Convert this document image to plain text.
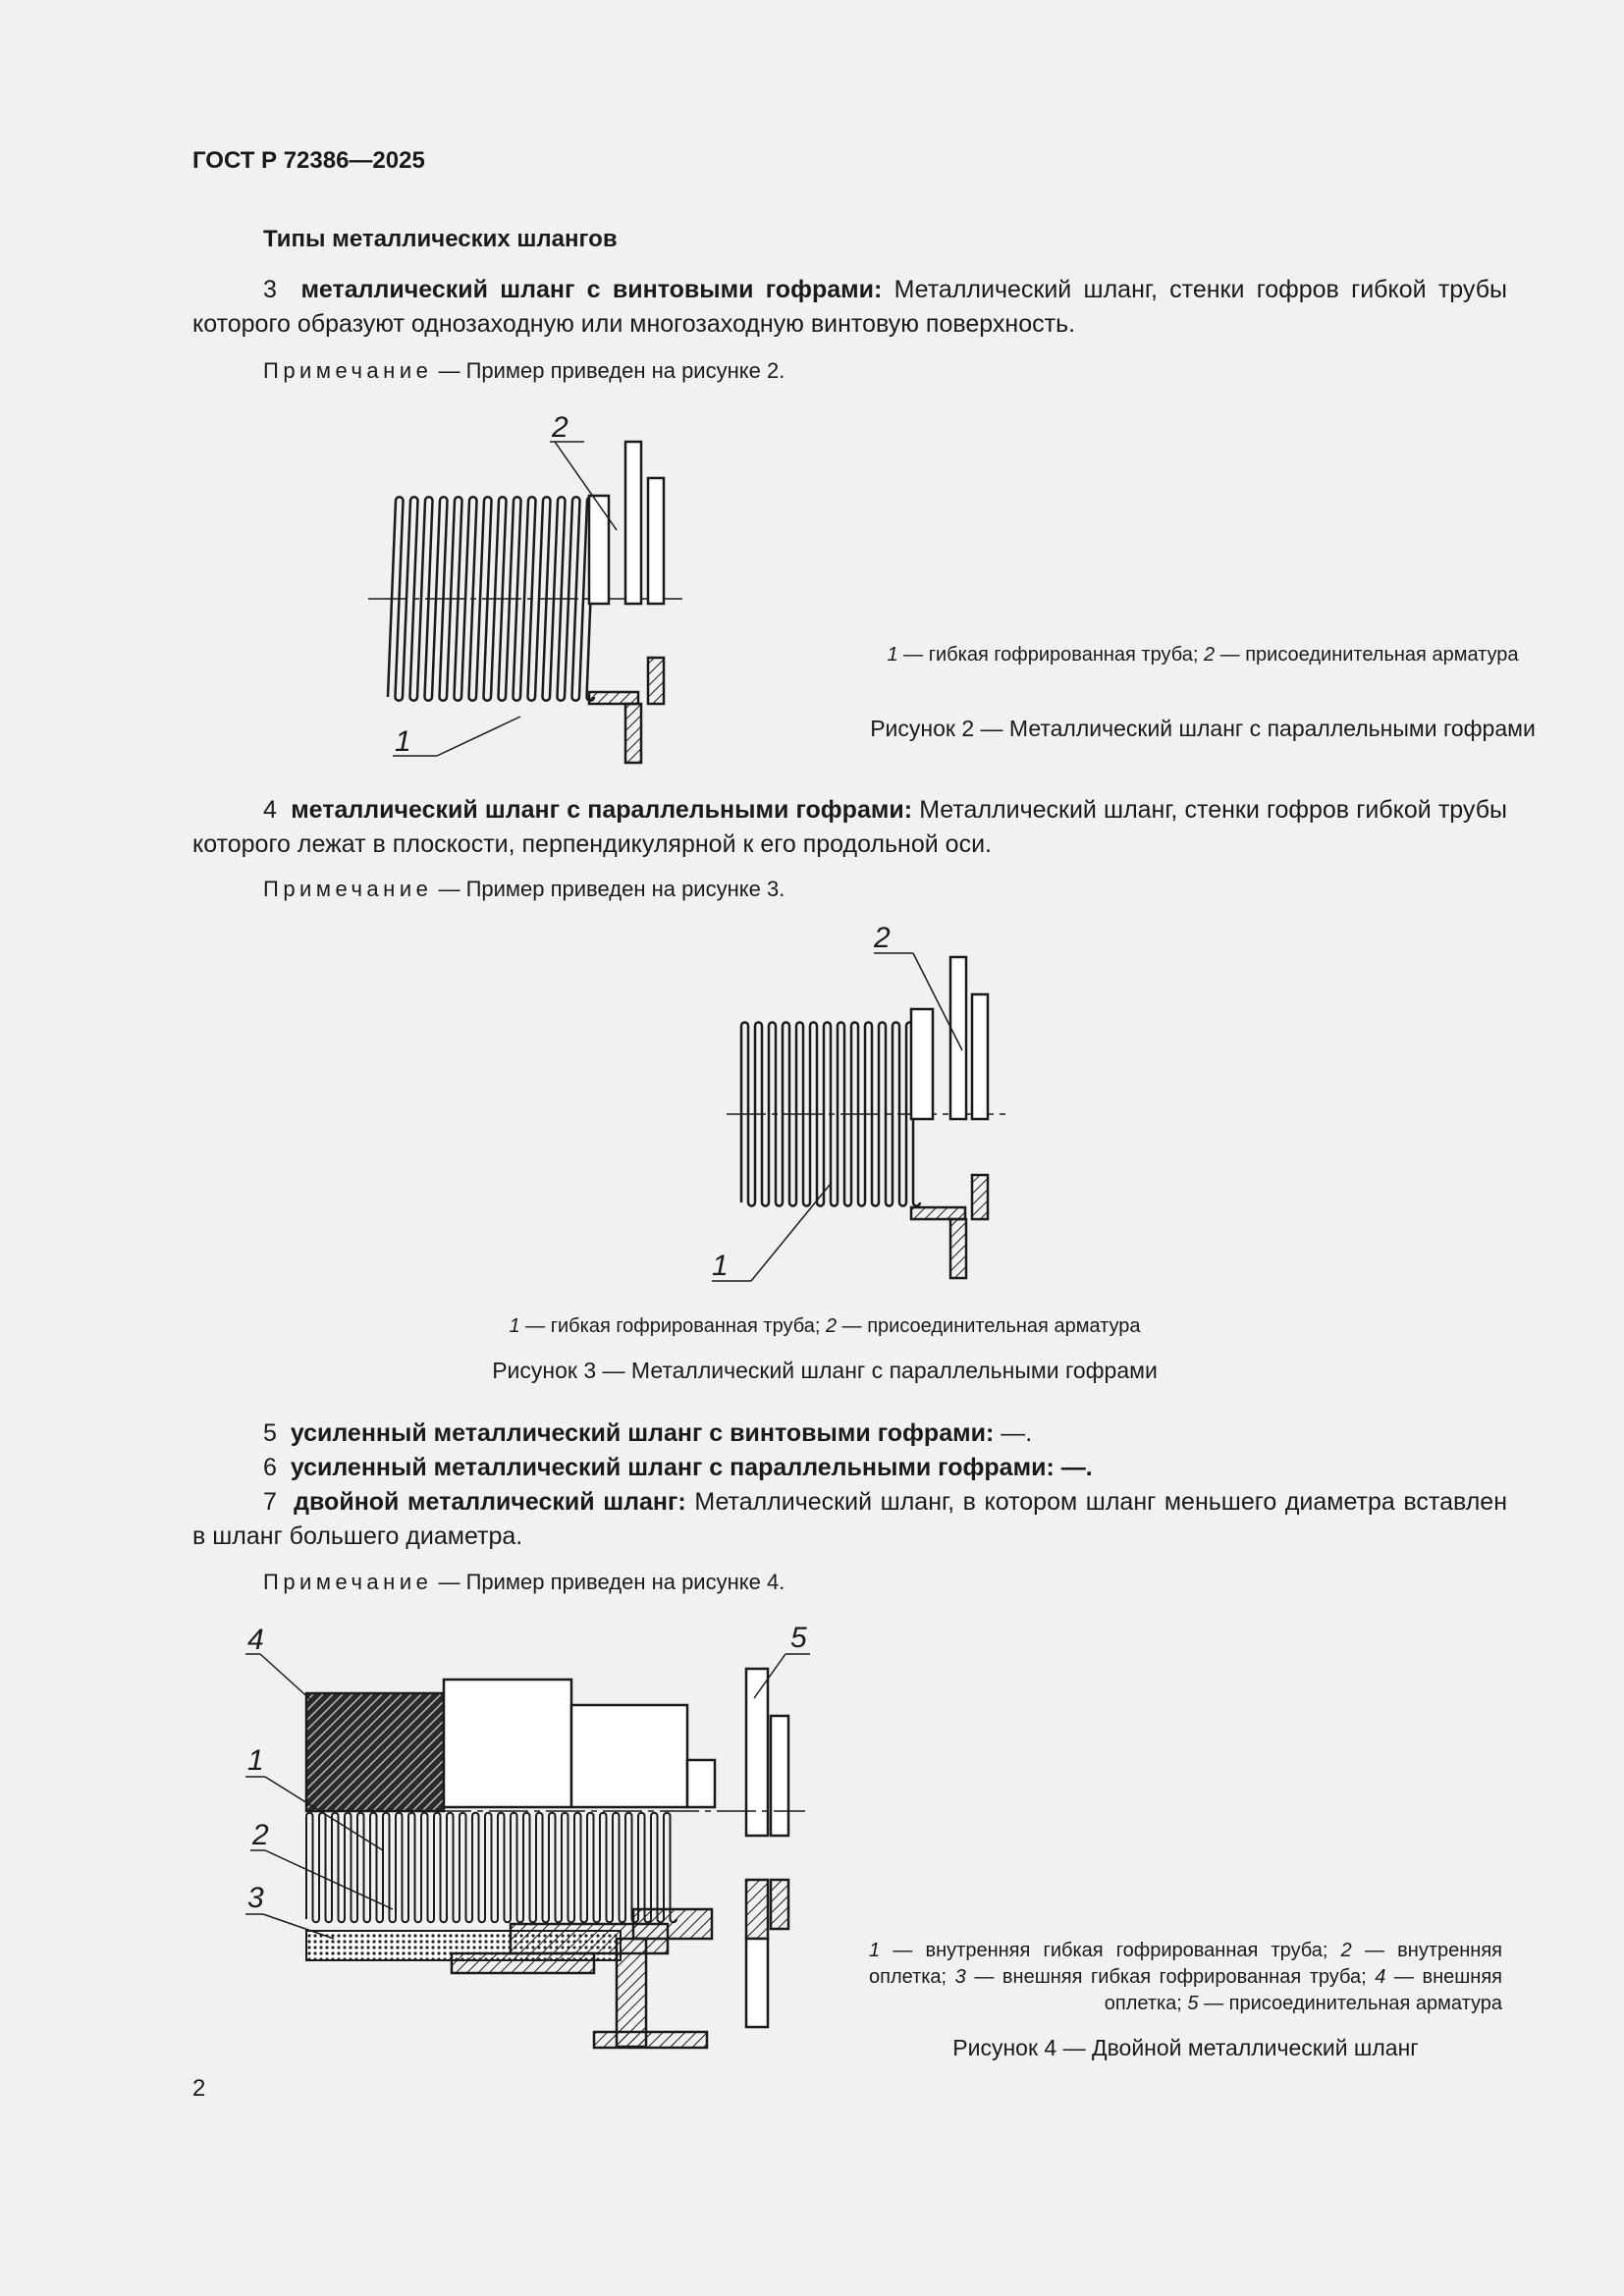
ГОСТ Р 72386—2025
Типы металлических шлангов
3 металлический шланг с винтовыми гофрами: Металлический шланг, стенки гофров гибкой трубы которого образуют однозаходную или многозаходную винтовую поверхность.
Примечание — Пример приведен на рисунке 2.
1
2
1 — гибкая гофрированная труба; 2 — присоединительная арматура
Рисунок 2 — Металлический шланг с параллельными гофрами
4 металлический шланг с параллельными гофрами: Металлический шланг, стенки гофров гибкой трубы которого лежат в плоскости, перпендикулярной к его продольной оси.
Примечание — Пример приведен на рисунке 3.
1
2
1 — гибкая гофрированная труба; 2 — присоединительная арматура
Рисунок 3 — Металлический шланг с параллельными гофрами
5 усиленный металлический шланг с винтовыми гофрами: —.
6 усиленный металлический шланг с параллельными гофрами: —.
7 двойной металлический шланг: Металлический шланг, в котором шланг меньшего диаметра вставлен в шланг большего диаметра.
Примечание — Пример приведен на рисунке 4.
4
1
2
3
5
1 — внутренняя гибкая гофрированная труба; 2 — внутренняя оплетка; 3 — внешняя гибкая гофрированная труба; 4 — внешняя оплетка; 5 — присоединительная арматура
Рисунок 4 — Двойной металлический шланг
2
